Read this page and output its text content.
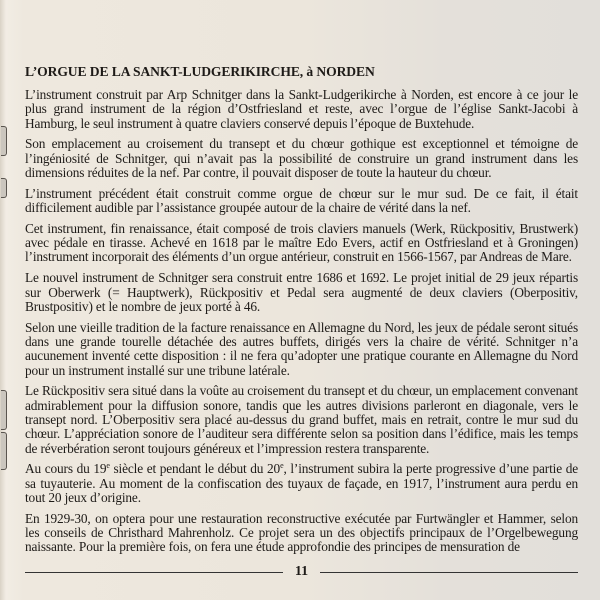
L’ORGUE DE LA SANKT-LUDGERIKIRCHE, à NORDEN

L’instrument construit par Arp Schnitger dans la Sankt-Ludgerikirche à Norden, est encore à ce jour le plus grand instrument de la région d’Ostfriesland et reste, avec l’orgue de l’église Sankt-Jacobi à Hamburg, le seul instrument à quatre claviers conservé depuis l’époque de Buxtehude.

Son emplacement au croisement du transept et du chœur gothique est exceptionnel et témoigne de l’ingéniosité de Schnitger, qui n’avait pas la possibilité de construire un grand instrument dans les dimensions réduites de la nef. Par contre, il pouvait disposer de toute la hauteur du chœur.

L’instrument précédent était construit comme orgue de chœur sur le mur sud. De ce fait, il était difficilement audible par l’assistance groupée autour de la chaire de vérité dans la nef.

Cet instrument, fin renaissance, était composé de trois claviers manuels (Werk, Rückpositiv, Brustwerk) avec pédale en tirasse. Achevé en 1618 par le maître Edo Evers, actif en Ostfriesland et à Groningen) l’instrument incorporait des éléments d’un orgue antérieur, construit en 1566-1567, par Andreas de Mare.

Le nouvel instrument de Schnitger sera construit entre 1686 et 1692. Le projet initial de 29 jeux répartis sur Oberwerk (= Hauptwerk), Rückpositiv et Pedal sera augmenté de deux claviers (Oberpositiv, Brustpositiv) et le nombre de jeux porté à 46.

Selon une vieille tradition de la facture renaissance en Allemagne du Nord, les jeux de pédale seront situés dans une grande tourelle détachée des autres buffets, dirigés vers la chaire de vérité. Schnitger n’a aucunement inventé cette disposition : il ne fera qu’adopter une pratique courante en Allemagne du Nord pour un instrument installé sur une tribune latérale.

Le Rückpositiv sera situé dans la voûte au croisement du transept et du chœur, un emplacement convenant admirablement pour la diffusion sonore, tandis que les autres divisions parleront en diagonale, vers le transept nord. L’Oberpositiv sera placé au-dessus du grand buffet, mais en retrait, contre le mur sud du chœur. L’appréciation sonore de l’auditeur sera différente selon sa position dans l’édifice, mais les temps de réverbération seront toujours généreux et l’impression restera transparente.

Au cours du 19e siècle et pendant le début du 20e, l’instrument subira la perte progressive d’une partie de sa tuyauterie. Au moment de la confiscation des tuyaux de façade, en 1917, l’instrument aura perdu en tout 20 jeux d’origine.

En 1929-30, on optera pour une restauration reconstructive exécutée par Furtwängler et Hammer, selon les conseils de Christhard Mahrenholz. Ce projet sera un des objectifs principaux de l’Orgelbewegung naissante. Pour la première fois, on fera une étude approfondie des principes de mensuration de

11
